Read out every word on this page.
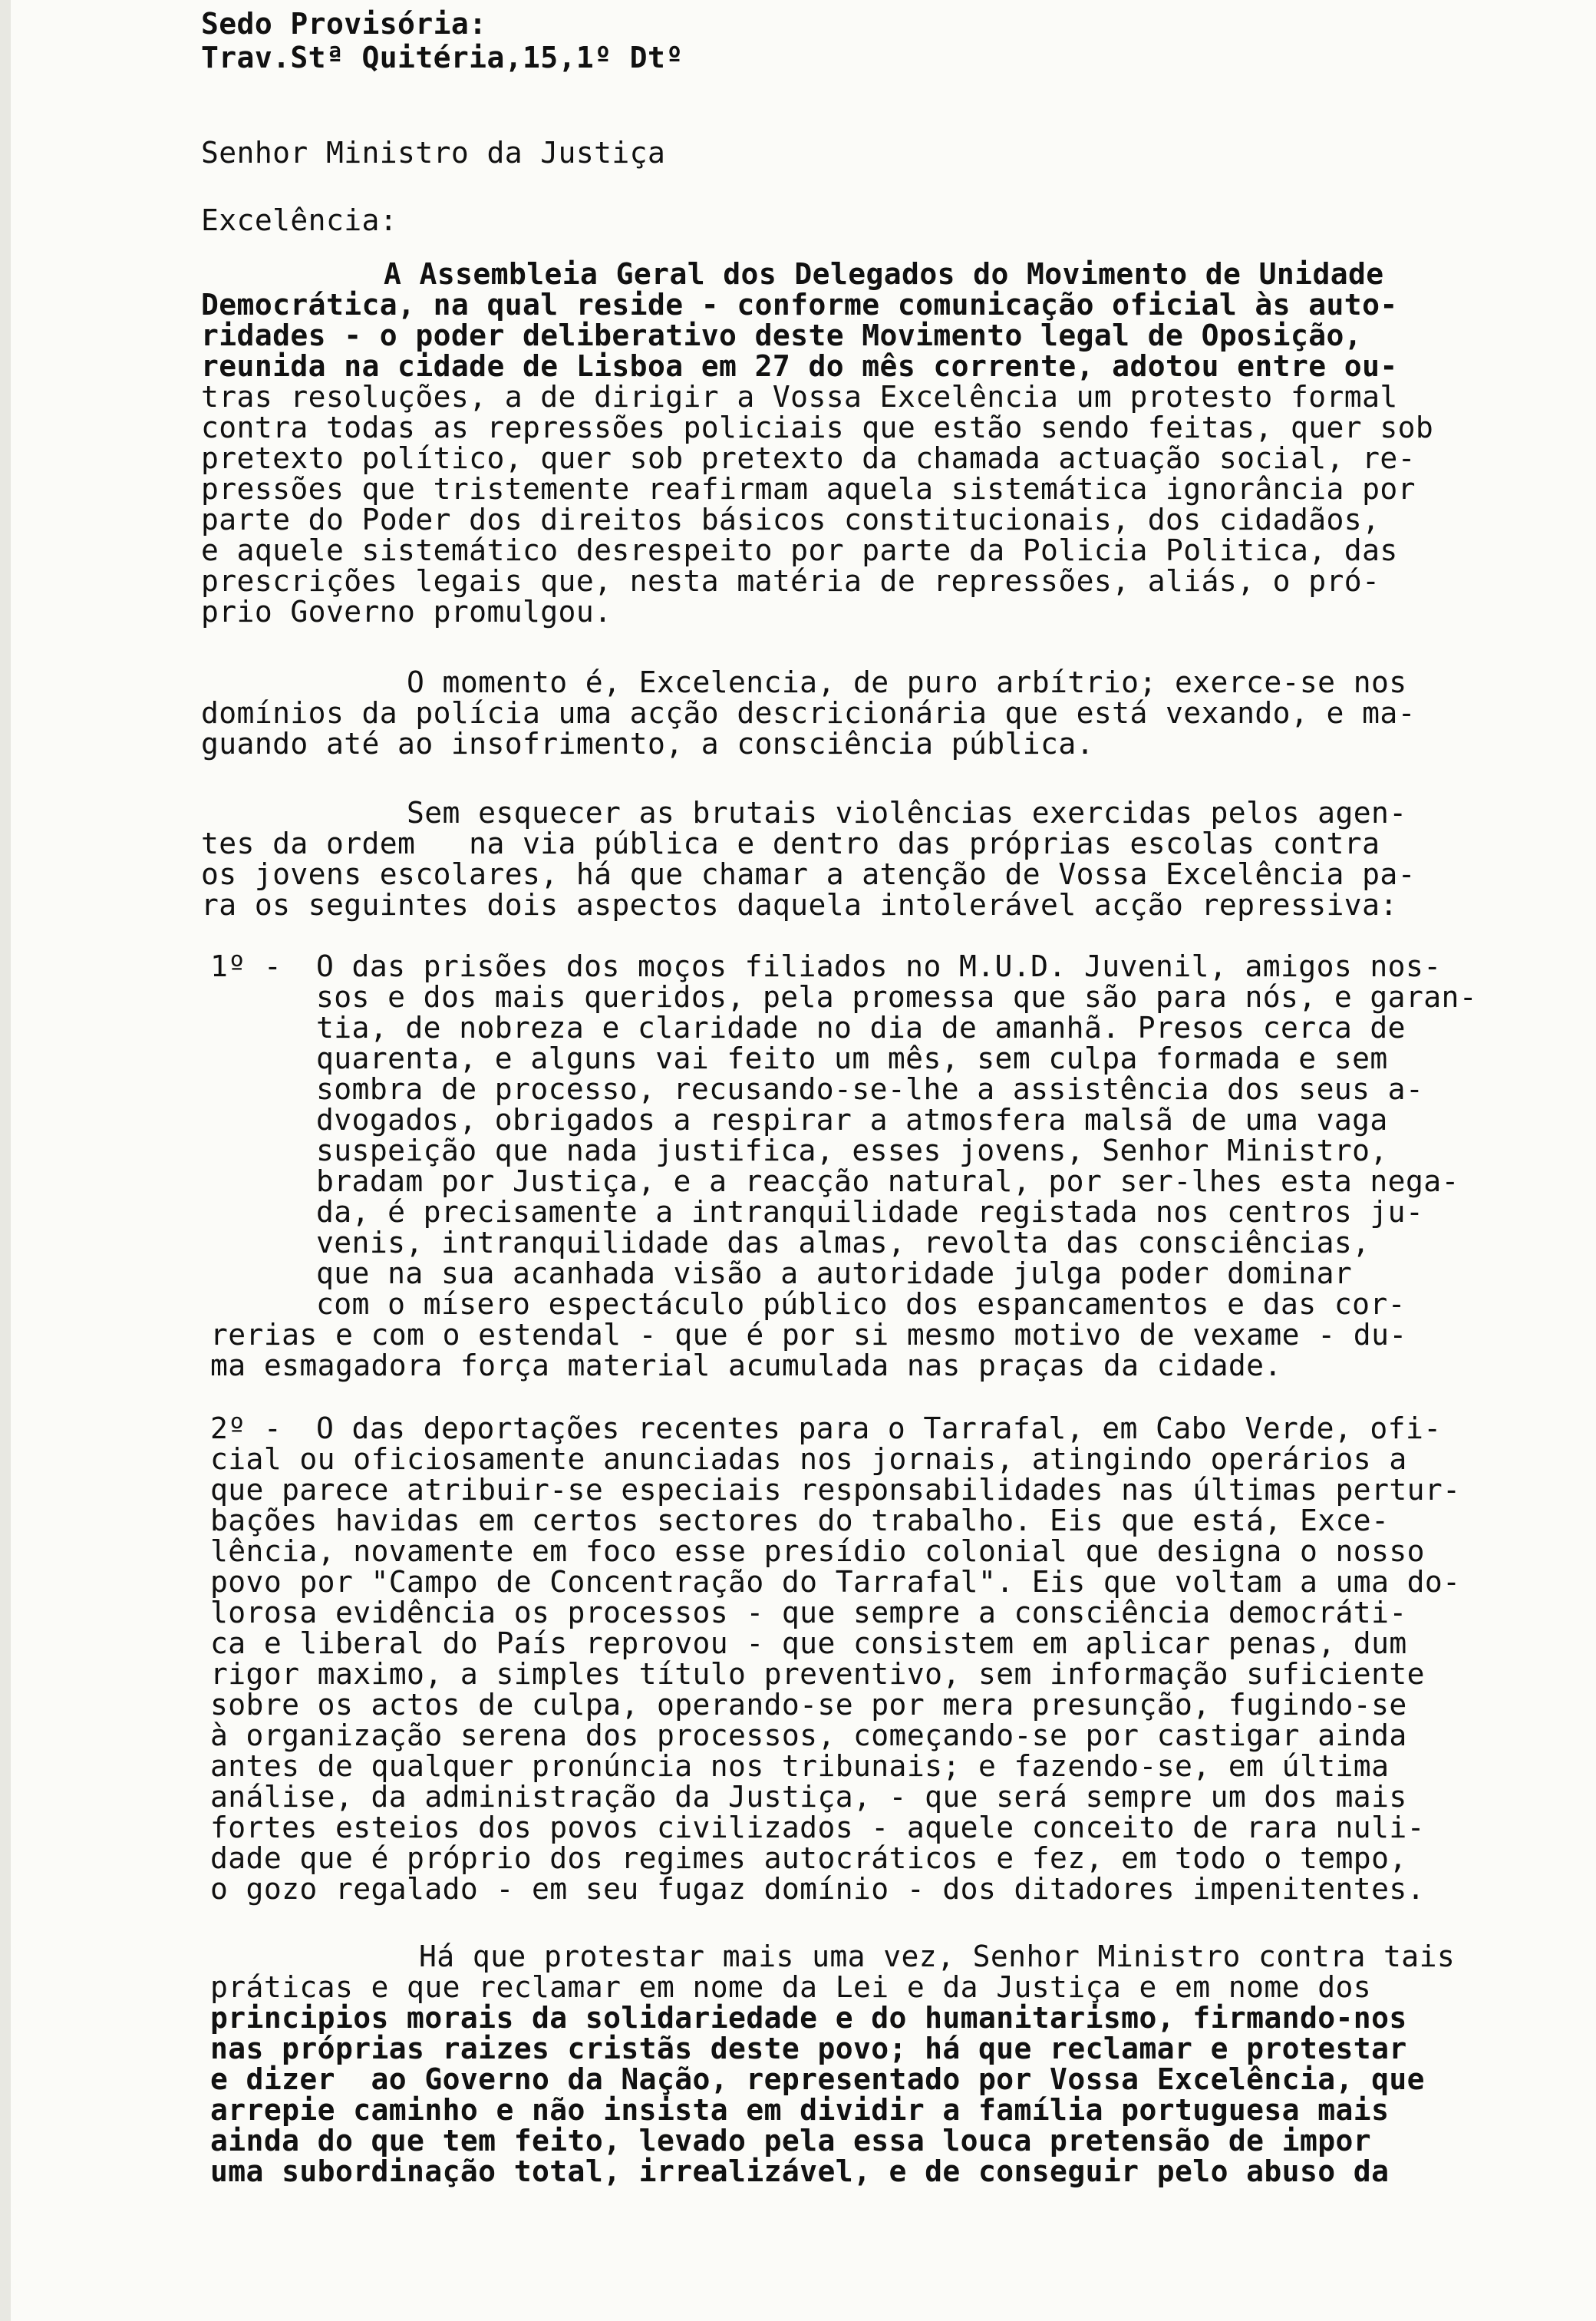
Sedo Provisória:
Trav.Stª Quitéria,15,1º Dtº
Senhor Ministro da Justiça
Excelência:
A Assembleia Geral dos Delegados do Movimento de Unidade
Democrática, na qual reside - conforme comunicação oficial às auto-
ridades - o poder deliberativo deste Movimento legal de Oposição,
reunida na cidade de Lisboa em 27 do mês corrente, adotou entre ou-
tras resoluções, a de dirigir a Vossa Excelência um protesto formal
contra todas as repressões policiais que estão sendo feitas, quer sob
pretexto político, quer sob pretexto da chamada actuação social, re-
pressões que tristemente reafirmam aquela sistemática ignorância por
parte do Poder dos direitos básicos constitucionais, dos cidadãos,
e aquele sistemático desrespeito por parte da Policia Politica, das
prescrições legais que, nesta matéria de repressões, aliás, o pró-
prio Governo promulgou.
O momento é, Excelencia, de puro arbítrio; exerce-se nos
domínios da polícia uma acção descricionária que está vexando, e ma-
guando até ao insofrimento, a consciência pública.
Sem esquecer as brutais violências exercidas pelos agen-
tes da ordem   na via pública e dentro das próprias escolas contra
os jovens escolares, há que chamar a atenção de Vossa Excelência pa-
ra os seguintes dois aspectos daquela intolerável acção repressiva:
1º - O das prisões dos moços filiados no M.U.D. Juvenil, amigos nos-
sos e dos mais queridos, pela promessa que são para nós, e garan-
tia, de nobreza e claridade no dia de amanhã. Presos cerca de
quarenta, e alguns vai feito um mês, sem culpa formada e sem
sombra de processo, recusando-se-lhe a assistência dos seus a-
dvogados, obrigados a respirar a atmosfera malsã de uma vaga
suspeição que nada justifica, esses jovens, Senhor Ministro,
bradam por Justiça, e a reacção natural, por ser-lhes esta nega-
da, é precisamente a intranquilidade registada nos centros ju-
venis, intranquilidade das almas, revolta das consciências,
que na sua acanhada visão a autoridade julga poder dominar
com o mísero espectáculo público dos espancamentos e das cor-
rerias e com o estendal - que é por si mesmo motivo de vexame - du-
ma esmagadora força material acumulada nas praças da cidade.
2º - O das deportações recentes para o Tarrafal, em Cabo Verde, ofi-
cial ou oficiosamente anunciadas nos jornais, atingindo operários a
que parece atribuir-se especiais responsabilidades nas últimas pertur-
bações havidas em certos sectores do trabalho. Eis que está, Exce-
lência, novamente em foco esse presídio colonial que designa o nosso
povo por "Campo de Concentração do Tarrafal". Eis que voltam a uma do-
lorosa evidência os processos - que sempre a consciência democráti-
ca e liberal do País reprovou - que consistem em aplicar penas, dum
rigor maximo, a simples título preventivo, sem informação suficiente
sobre os actos de culpa, operando-se por mera presunção, fugindo-se
à organização serena dos processos, começando-se por castigar ainda
antes de qualquer pronúncia nos tribunais; e fazendo-se, em última
análise, da administração da Justiça, - que será sempre um dos mais
fortes esteios dos povos civilizados - aquele conceito de rara nuli-
dade que é próprio dos regimes autocráticos e fez, em todo o tempo,
o gozo regalado - em seu fugaz domínio - dos ditadores impenitentes.
Há que protestar mais uma vez, Senhor Ministro contra tais
práticas e que reclamar em nome da Lei e da Justiça e em nome dos
principios morais da solidariedade e do humanitarismo, firmando-nos
nas próprias raizes cristãs deste povo; há que reclamar e protestar
e dizer  ao Governo da Nação, representado por Vossa Excelência, que
arrepie caminho e não insista em dividir a família portuguesa mais
ainda do que tem feito, levado pela essa louca pretensão de impor
uma subordinação total, irrealizável, e de conseguir pelo abuso da
